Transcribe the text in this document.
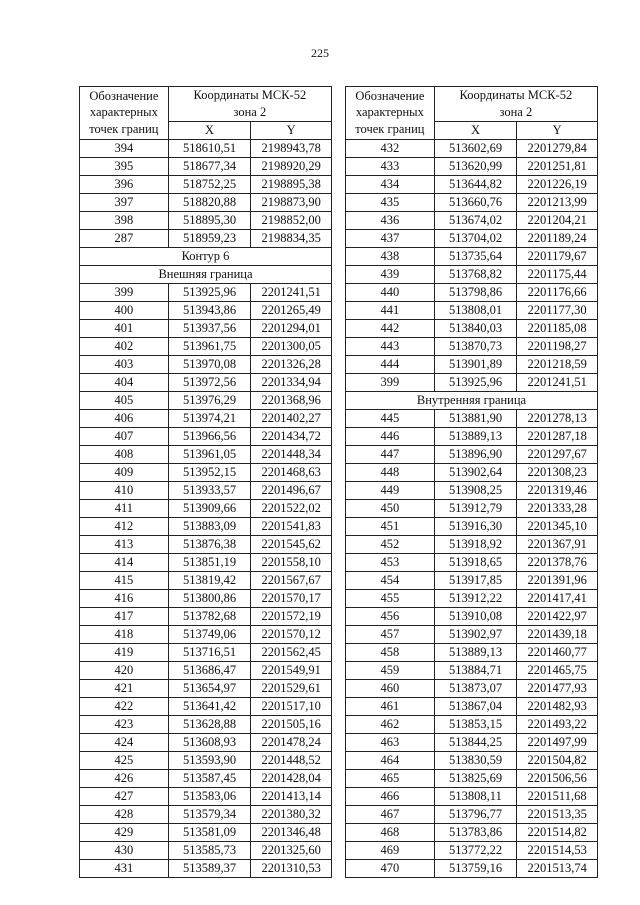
225
Обозначение
характерных
точек границ	Координаты МСК-52
зона 2	
	X	Y
394	518610,51	2198943,78
395	518677,34	2198920,29
396	518752,25	2198895,38
397	518820,88	2198873,90
398	518895,30	2198852,00
287	518959,23	2198834,35
Контур 6		
Внешняя граница		
399	513925,96	2201241,51
400	513943,86	2201265,49
401	513937,56	2201294,01
402	513961,75	2201300,05
403	513970,08	2201326,28
404	513972,56	2201334,94
405	513976,29	2201368,96
406	513974,21	2201402,27
407	513966,56	2201434,72
408	513961,05	2201448,34
409	513952,15	2201468,63
410	513933,57	2201496,67
411	513909,66	2201522,02
412	513883,09	2201541,83
413	513876,38	2201545,62
414	513851,19	2201558,10
415	513819,42	2201567,67
416	513800,86	2201570,17
417	513782,68	2201572,19
418	513749,06	2201570,12
419	513716,51	2201562,45
420	513686,47	2201549,91
421	513654,97	2201529,61
422	513641,42	2201517,10
423	513628,88	2201505,16
424	513608,93	2201478,24
425	513593,90	2201448,52
426	513587,45	2201428,04
427	513583,06	2201413,14
428	513579,34	2201380,32
429	513581,09	2201346,48
430	513585,73	2201325,60
431	513589,37	2201310,53
Обозначение
характерных
точек границ	Координаты МСК-52
зона 2	
	X	Y
432	513602,69	2201279,84
433	513620,99	2201251,81
434	513644,82	2201226,19
435	513660,76	2201213,99
436	513674,02	2201204,21
437	513704,02	2201189,24
438	513735,64	2201179,67
439	513768,82	2201175,44
440	513798,86	2201176,66
441	513808,01	2201177,30
442	513840,03	2201185,08
443	513870,73	2201198,27
444	513901,89	2201218,59
399	513925,96	2201241,51
Внутренняя граница		
445	513881,90	2201278,13
446	513889,13	2201287,18
447	513896,90	2201297,67
448	513902,64	2201308,23
449	513908,25	2201319,46
450	513912,79	2201333,28
451	513916,30	2201345,10
452	513918,92	2201367,91
453	513918,65	2201378,76
454	513917,85	2201391,96
455	513912,22	2201417,41
456	513910,08	2201422,97
457	513902,97	2201439,18
458	513889,13	2201460,77
459	513884,71	2201465,75
460	513873,07	2201477,93
461	513867,04	2201482,93
462	513853,15	2201493,22
463	513844,25	2201497,99
464	513830,59	2201504,82
465	513825,69	2201506,56
466	513808,11	2201511,68
467	513796,77	2201513,35
468	513783,86	2201514,82
469	513772,22	2201514,53
470	513759,16	2201513,74
